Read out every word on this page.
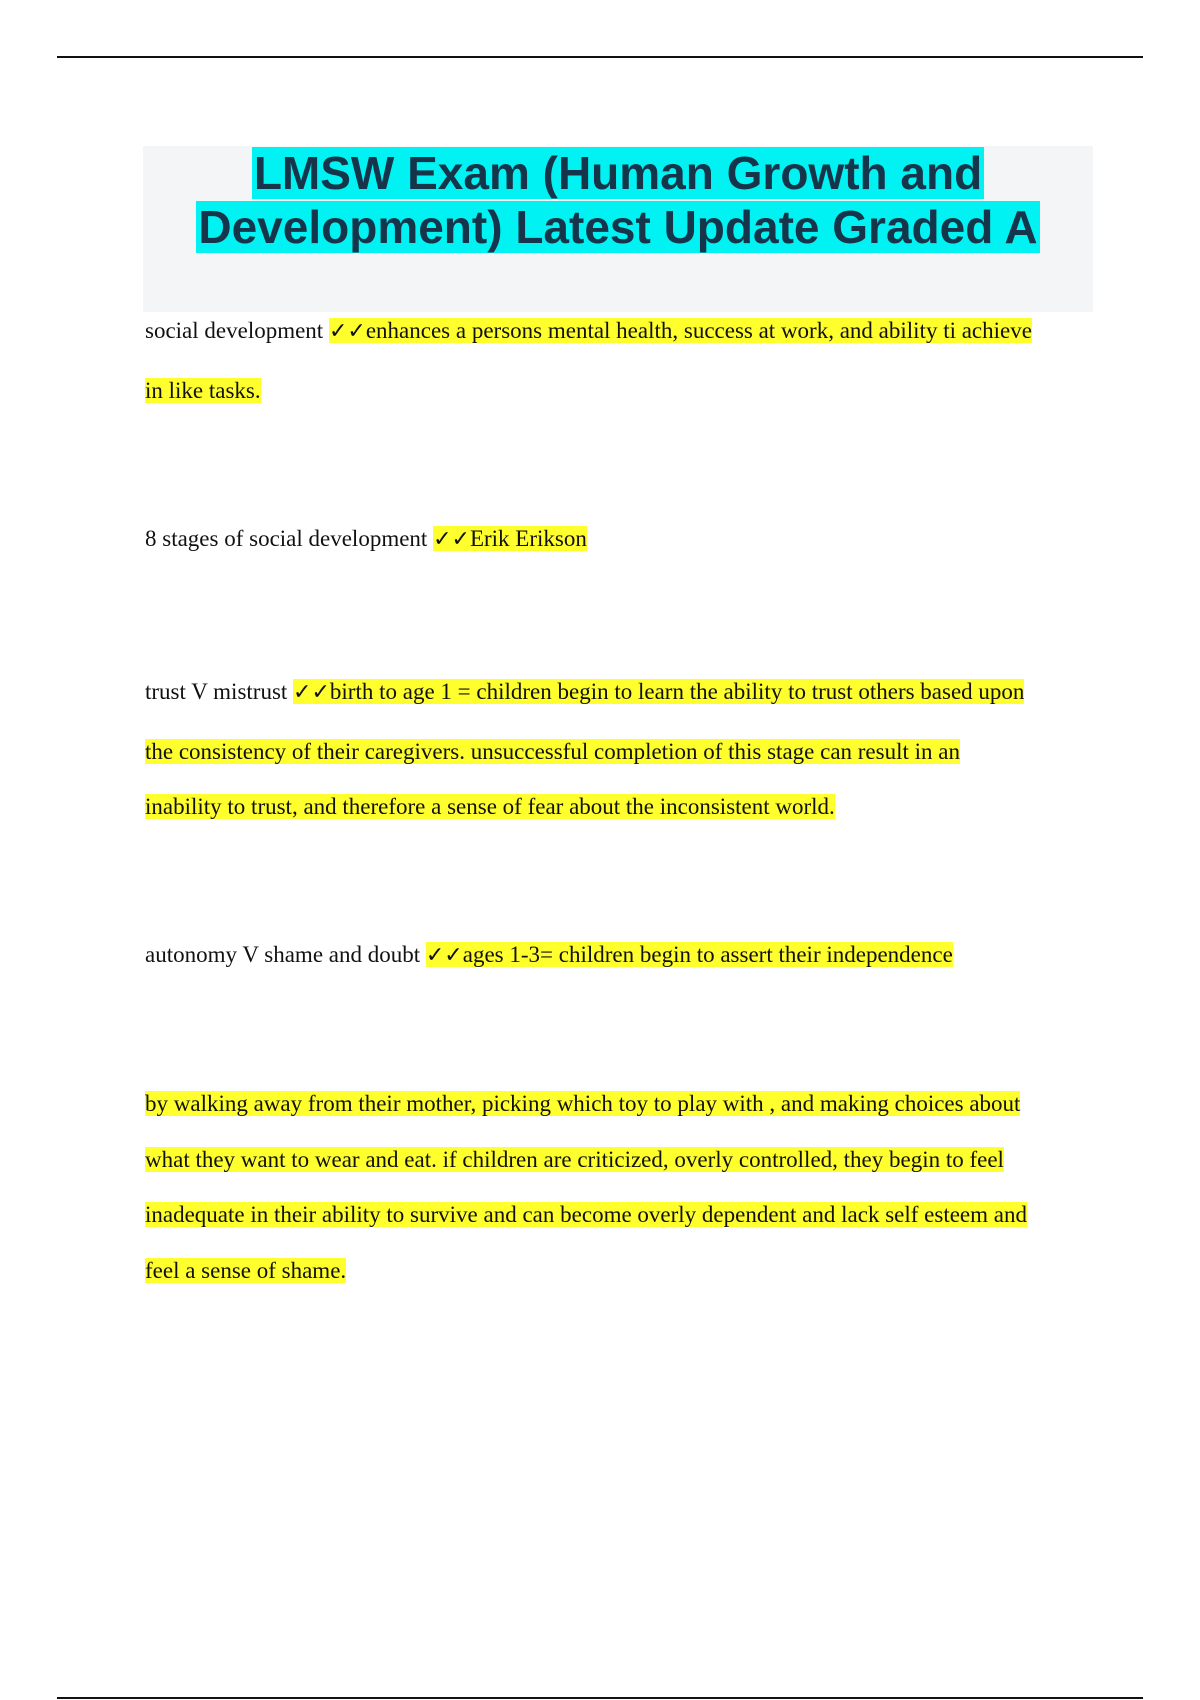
LMSW Exam (Human Growth and
Development) Latest Update Graded A
social development ✓✓enhances a persons mental health, success at work, and ability ti achieve
in like tasks.
8 stages of social development ✓✓Erik Erikson
trust V mistrust ✓✓birth to age 1 = children begin to learn the ability to trust others based upon
the consistency of their caregivers. unsuccessful completion of this stage can result in an
inability to trust, and therefore a sense of fear about the inconsistent world.
autonomy V shame and doubt ✓✓ages 1-3= children begin to assert their independence
by walking away from their mother, picking which toy to play with , and making choices about
what they want to wear and eat. if children are criticized, overly controlled, they begin to feel
inadequate in their ability to survive and can become overly dependent and lack self esteem and
feel a sense of shame.
